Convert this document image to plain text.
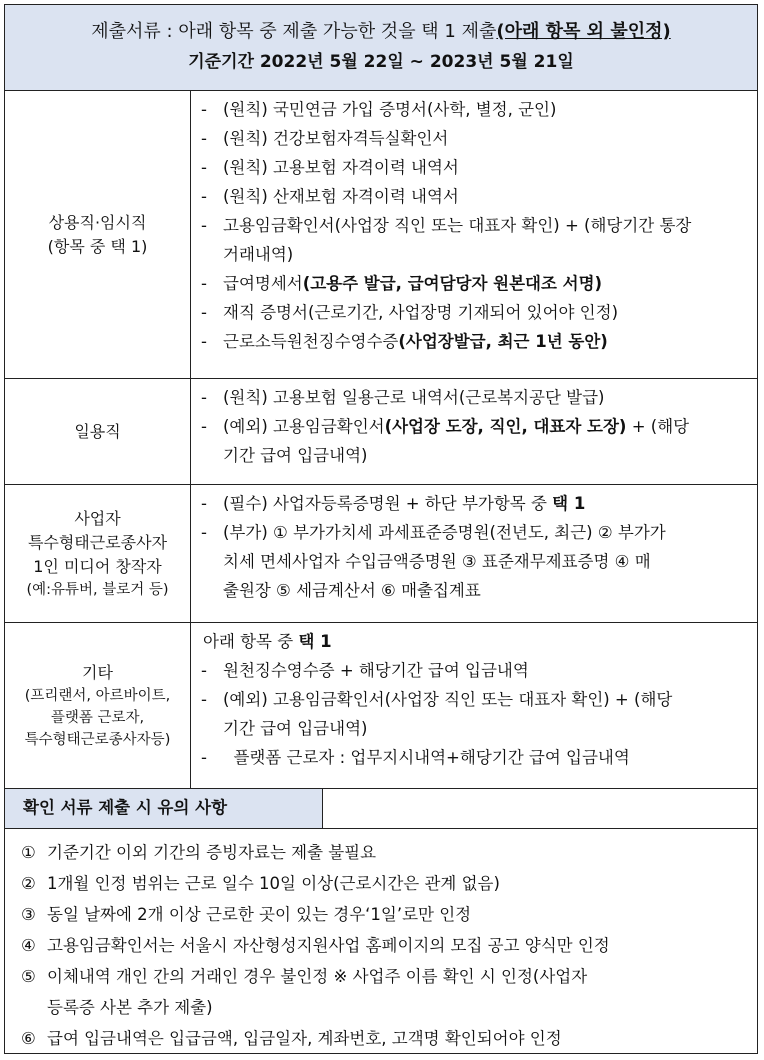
제출서류 : 아래 항목 중 제출 가능한 것을 택 1 제출(아래 항목 외 불인정)
기준기간 2022년 5월 22일 ~ 2023년 5월 21일
상용직·임시직
(항목 중 택 1)
- (원칙) 국민연금 가입 증명서(사학, 별정, 군인)
- (원칙) 건강보험자격득실확인서
- (원칙) 고용보험 자격이력 내역서
- (원칙) 산재보험 자격이력 내역서
- 고용임금확인서(사업장 직인 또는 대표자 확인) + (해당기간 통장
거래내역)
- 급여명세서(고용주 발급, 급여담당자 원본대조 서명)
- 재직 증명서(근로기간, 사업장명 기재되어 있어야 인정)
- 근로소득원천징수영수증(사업장발급, 최근 1년 동안)
일용직
- (원칙) 고용보험 일용근로 내역서(근로복지공단 발급)
- (예외) 고용임금확인서(사업장 도장, 직인, 대표자 도장) + (해당
기간 급여 입금내역)
사업자
특수형태근로종사자
1인 미디어 창작자
(예:유튜버, 블로거 등)
- (필수) 사업자등록증명원 + 하단 부가항목 중 택 1
- (부가) ① 부가가치세 과세표준증명원(전년도, 최근) ② 부가가
치세 면세사업자 수입금액증명원 ③ 표준재무제표증명 ④ 매
출원장 ⑤ 세금계산서 ⑥ 매출집계표
기타
(프리랜서, 아르바이트,
플랫폼 근로자,
특수형태근로종사자등)
아래 항목 중 택 1
- 원천징수영수증 + 해당기간 급여 입금내역
- (예외) 고용임금확인서(사업장 직인 또는 대표자 확인) + (해당
기간 급여 입금내역)
- 플랫폼 근로자 : 업무지시내역+해당기간 급여 입금내역
확인 서류 제출 시 유의 사항
① 기준기간 이외 기간의 증빙자료는 제출 불필요
② 1개월 인정 범위는 근로 일수 10일 이상(근로시간은 관계 없음)
③ 동일 날짜에 2개 이상 근로한 곳이 있는 경우‘1일’로만 인정
④ 고용임금확인서는 서울시 자산형성지원사업 홈페이지의 모집 공고 양식만 인정
⑤ 이체내역 개인 간의 거래인 경우 불인정 ※ 사업주 이름 확인 시 인정(사업자
등록증 사본 추가 제출)
⑥ 급여 입금내역은 입급금액, 입금일자, 계좌번호, 고객명 확인되어야 인정
